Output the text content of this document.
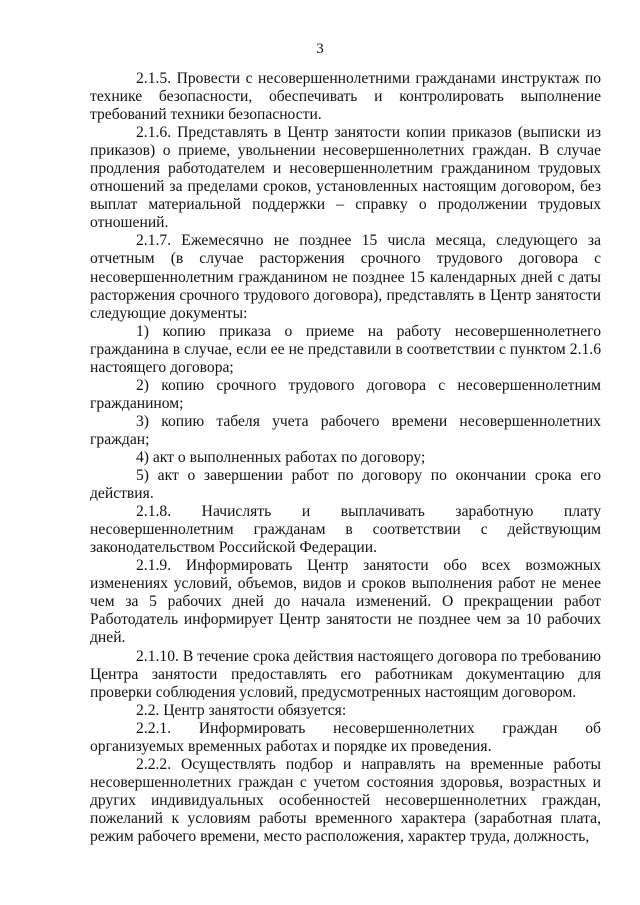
3

2.1.5. Провести с несовершеннолетними гражданами инструктаж по технике безопасности, обеспечивать и контролировать выполнение требований техники безопасности.

2.1.6. Представлять в Центр занятости копии приказов (выписки из приказов) о приеме, увольнении несовершеннолетних граждан. В случае продления работодателем и несовершеннолетним гражданином трудовых отношений за пределами сроков, установленных настоящим договором, без выплат материальной поддержки – справку о продолжении трудовых отношений.

2.1.7. Ежемесячно не позднее 15 числа месяца, следующего за отчетным (в случае расторжения срочного трудового договора с несовершеннолетним гражданином не позднее 15 календарных дней с даты расторжения срочного трудового договора), представлять в Центр занятости следующие документы:

1) копию приказа о приеме на работу несовершеннолетнего гражданина в случае, если ее не представили в соответствии с пунктом 2.1.6 настоящего договора;

2) копию срочного трудового договора с несовершеннолетним гражданином;

3) копию табеля учета рабочего времени несовершеннолетних граждан;

4) акт о выполненных работах по договору;

5) акт о завершении работ по договору по окончании срока его действия.

2.1.8. Начислять и выплачивать заработную плату несовершеннолетним гражданам в соответствии с действующим законодательством Российской Федерации.

2.1.9. Информировать Центр занятости обо всех возможных изменениях условий, объемов, видов и сроков выполнения работ не менее чем за 5 рабочих дней до начала изменений. О прекращении работ Работодатель информирует Центр занятости не позднее чем за 10 рабочих дней.

2.1.10. В течение срока действия настоящего договора по требованию Центра занятости предоставлять его работникам документацию для проверки соблюдения условий, предусмотренных настоящим договором.

2.2. Центр занятости обязуется:

2.2.1. Информировать несовершеннолетних граждан об организуемых временных работах и порядке их проведения.

2.2.2. Осуществлять подбор и направлять на временные работы несовершеннолетних граждан с учетом состояния здоровья, возрастных и других индивидуальных особенностей несовершеннолетних граждан, пожеланий к условиям работы временного характера (заработная плата, режим рабочего времени, место расположения, характер труда, должность,
